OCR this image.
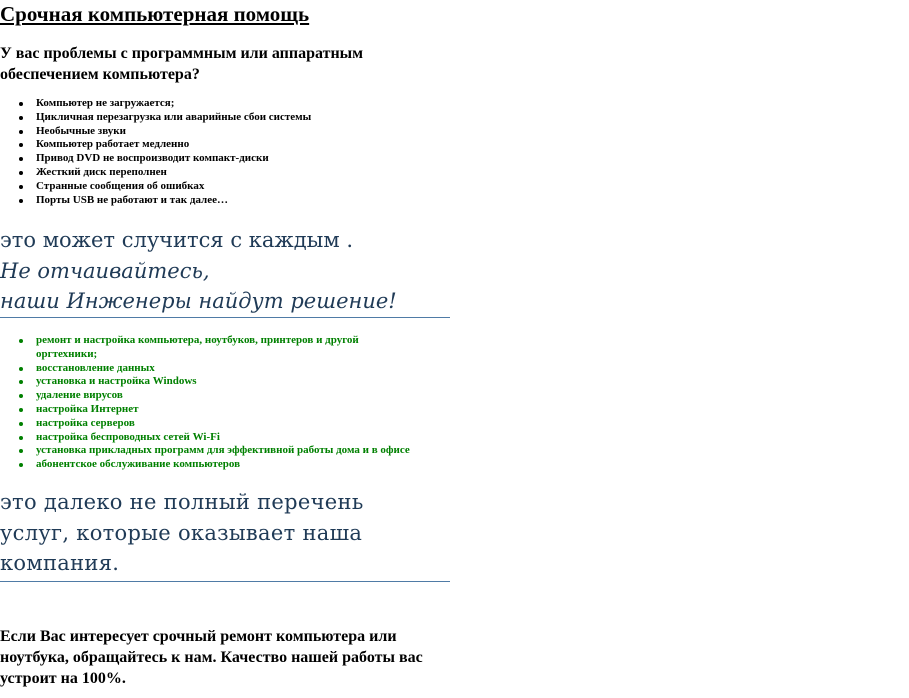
Срочная компьютерная помощь

У вас проблемы с программным или аппаратным обеспечением компьютера?

Компьютер не загружается;
Цикличная перезагрузка или аварийные сбои системы
Необычные звуки
Компьютер работает медленно
Привод DVD не воспроизводит компакт-диски
Жесткий диск переполнен
Странные сообщения об ошибках
Порты USB не работают и так далее…

это может случится с каждым .
Не отчаивайтесь,
наши Инженеры найдут решение!

ремонт и настройка компьютера, ноутбуков, принтеров и другой оргтехники;
восстановление данных
установка и настройка Windows
удаление вирусов
настройка Интернет
настройка серверов
настройка беспроводных сетей Wi-Fi
установка прикладных программ для эффективной работы дома и в офисе
абонентское обслуживание компьютеров

это далеко не полный перечень
услуг, которые оказывает наша
компания.

Если Вас интересует срочный ремонт компьютера или ноутбука, обращайтесь к нам. Качество нашей работы вас устроит на 100%.
